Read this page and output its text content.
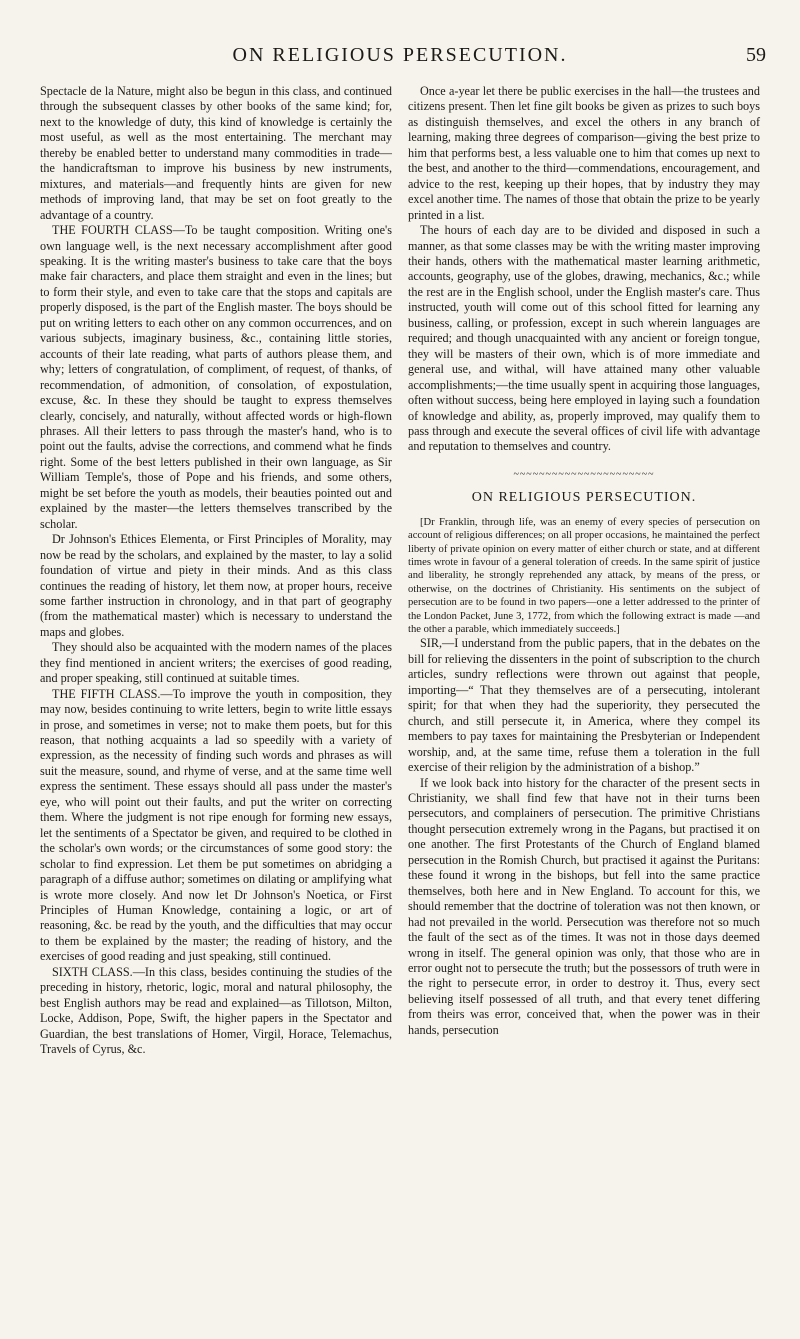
ON RELIGIOUS PERSECUTION.	59

Spectacle de la Nature, might also be begun in this class, and continued through the subsequent classes by other books of the same kind; for, next to the knowledge of duty, this kind of knowledge is certainly the most useful, as well as the most entertaining. The merchant may thereby be enabled better to understand many commodities in trade—the handicraftsman to improve his business by new instruments, mixtures, and materials—and frequently hints are given for new methods of improving land, that may be set on foot greatly to the advantage of a country.

THE FOURTH CLASS—To be taught composition. Writing one's own language well, is the next necessary accomplishment after good speaking. It is the writing master's business to take care that the boys make fair characters, and place them straight and even in the lines; but to form their style, and even to take care that the stops and capitals are properly disposed, is the part of the English master. The boys should be put on writing letters to each other on any common occurrences, and on various subjects, imaginary business, &c., containing little stories, accounts of their late reading, what parts of authors please them, and why; letters of congratulation, of compliment, of request, of thanks, of recommendation, of admonition, of consolation, of expostulation, excuse, &c. In these they should be taught to express themselves clearly, concisely, and naturally, without affected words or high-flown phrases. All their letters to pass through the master's hand, who is to point out the faults, advise the corrections, and commend what he finds right. Some of the best letters published in their own language, as Sir William Temple's, those of Pope and his friends, and some others, might be set before the youth as models, their beauties pointed out and explained by the master—the letters themselves transcribed by the scholar.

Dr Johnson's Ethices Elementa, or First Principles of Morality, may now be read by the scholars, and explained by the master, to lay a solid foundation of virtue and piety in their minds. And as this class continues the reading of history, let them now, at proper hours, receive some farther instruction in chronology, and in that part of geography (from the mathematical master) which is necessary to understand the maps and globes.

They should also be acquainted with the modern names of the places they find mentioned in ancient writers; the exercises of good reading, and proper speaking, still continued at suitable times.

THE FIFTH CLASS.—To improve the youth in composition, they may now, besides continuing to write letters, begin to write little essays in prose, and sometimes in verse; not to make them poets, but for this reason, that nothing acquaints a lad so speedily with a variety of expression, as the necessity of finding such words and phrases as will suit the measure, sound, and rhyme of verse, and at the same time well express the sentiment. These essays should all pass under the master's eye, who will point out their faults, and put the writer on correcting them. Where the judgment is not ripe enough for forming new essays, let the sentiments of a Spectator be given, and required to be clothed in the scholar's own words; or the circumstances of some good story: the scholar to find expression. Let them be put sometimes on abridging a paragraph of a diffuse author; sometimes on dilating or amplifying what is wrote more closely. And now let Dr Johnson's Noetica, or First Principles of Human Knowledge, containing a logic, or art of reasoning, &c. be read by the youth, and the difficulties that may occur to them be explained by the master; the reading of history, and the exercises of good reading and just speaking, still continued.

SIXTH CLASS.—In this class, besides continuing the studies of the preceding in history, rhetoric, logic, moral and natural philosophy, the best English authors may be read and explained—as Tillotson, Milton, Locke, Addison, Pope, Swift, the higher papers in the Spectator and Guardian, the best translations of Homer, Virgil, Horace, Telemachus, Travels of Cyrus, &c.

Once a-year let there be public exercises in the hall—the trustees and citizens present. Then let fine gilt books be given as prizes to such boys as distinguish themselves, and excel the others in any branch of learning, making three degrees of comparison—giving the best prize to him that performs best, a less valuable one to him that comes up next to the best, and another to the third—commendations, encouragement, and advice to the rest, keeping up their hopes, that by industry they may excel another time. The names of those that obtain the prize to be yearly printed in a list.

The hours of each day are to be divided and disposed in such a manner, as that some classes may be with the writing master improving their hands, others with the mathematical master learning arithmetic, accounts, geography, use of the globes, drawing, mechanics, &c.; while the rest are in the English school, under the English master's care. Thus instructed, youth will come out of this school fitted for learning any business, calling, or profession, except in such wherein languages are required; and though unacquainted with any ancient or foreign tongue, they will be masters of their own, which is of more immediate and general use, and withal, will have attained many other valuable accomplishments;—the time usually spent in acquiring those languages, often without success, being here employed in laying such a foundation of knowledge and ability, as, properly improved, may qualify them to pass through and execute the several offices of civil life with advantage and reputation to themselves and country.

~~~~~~~~~~~~~~~~~~~~~~
ON RELIGIOUS PERSECUTION.

[Dr Franklin, through life, was an enemy of every species of persecution on account of religious differences; on all proper occasions, he maintained the perfect liberty of private opinion on every matter of either church or state, and at different times wrote in favour of a general toleration of creeds. In the same spirit of justice and liberality, he strongly reprehended any attack, by means of the press, or otherwise, on the doctrines of Christianity. His sentiments on the subject of persecution are to be found in two papers—one a letter addressed to the printer of the London Packet, June 3, 1772, from which the following extract is made —and the other a parable, which immediately succeeds.]

SIR,—I understand from the public papers, that in the debates on the bill for relieving the dissenters in the point of subscription to the church articles, sundry reflections were thrown out against that people, importing—“ That they themselves are of a persecuting, intolerant spirit; for that when they had the superiority, they persecuted the church, and still persecute it, in America, where they compel its members to pay taxes for maintaining the Presbyterian or Independent worship, and, at the same time, refuse them a toleration in the full exercise of their religion by the administration of a bishop.”

If we look back into history for the character of the present sects in Christianity, we shall find few that have not in their turns been persecutors, and complainers of persecution. The primitive Christians thought persecution extremely wrong in the Pagans, but practised it on one another. The first Protestants of the Church of England blamed persecution in the Romish Church, but practised it against the Puritans: these found it wrong in the bishops, but fell into the same practice themselves, both here and in New England. To account for this, we should remember that the doctrine of toleration was not then known, or had not prevailed in the world. Persecution was therefore not so much the fault of the sect as of the times. It was not in those days deemed wrong in itself. The general opinion was only, that those who are in error ought not to persecute the truth; but the possessors of truth were in the right to persecute error, in order to destroy it. Thus, every sect believing itself possessed of all truth, and that every tenet differing from theirs was error, conceived that, when the power was in their hands, persecution
